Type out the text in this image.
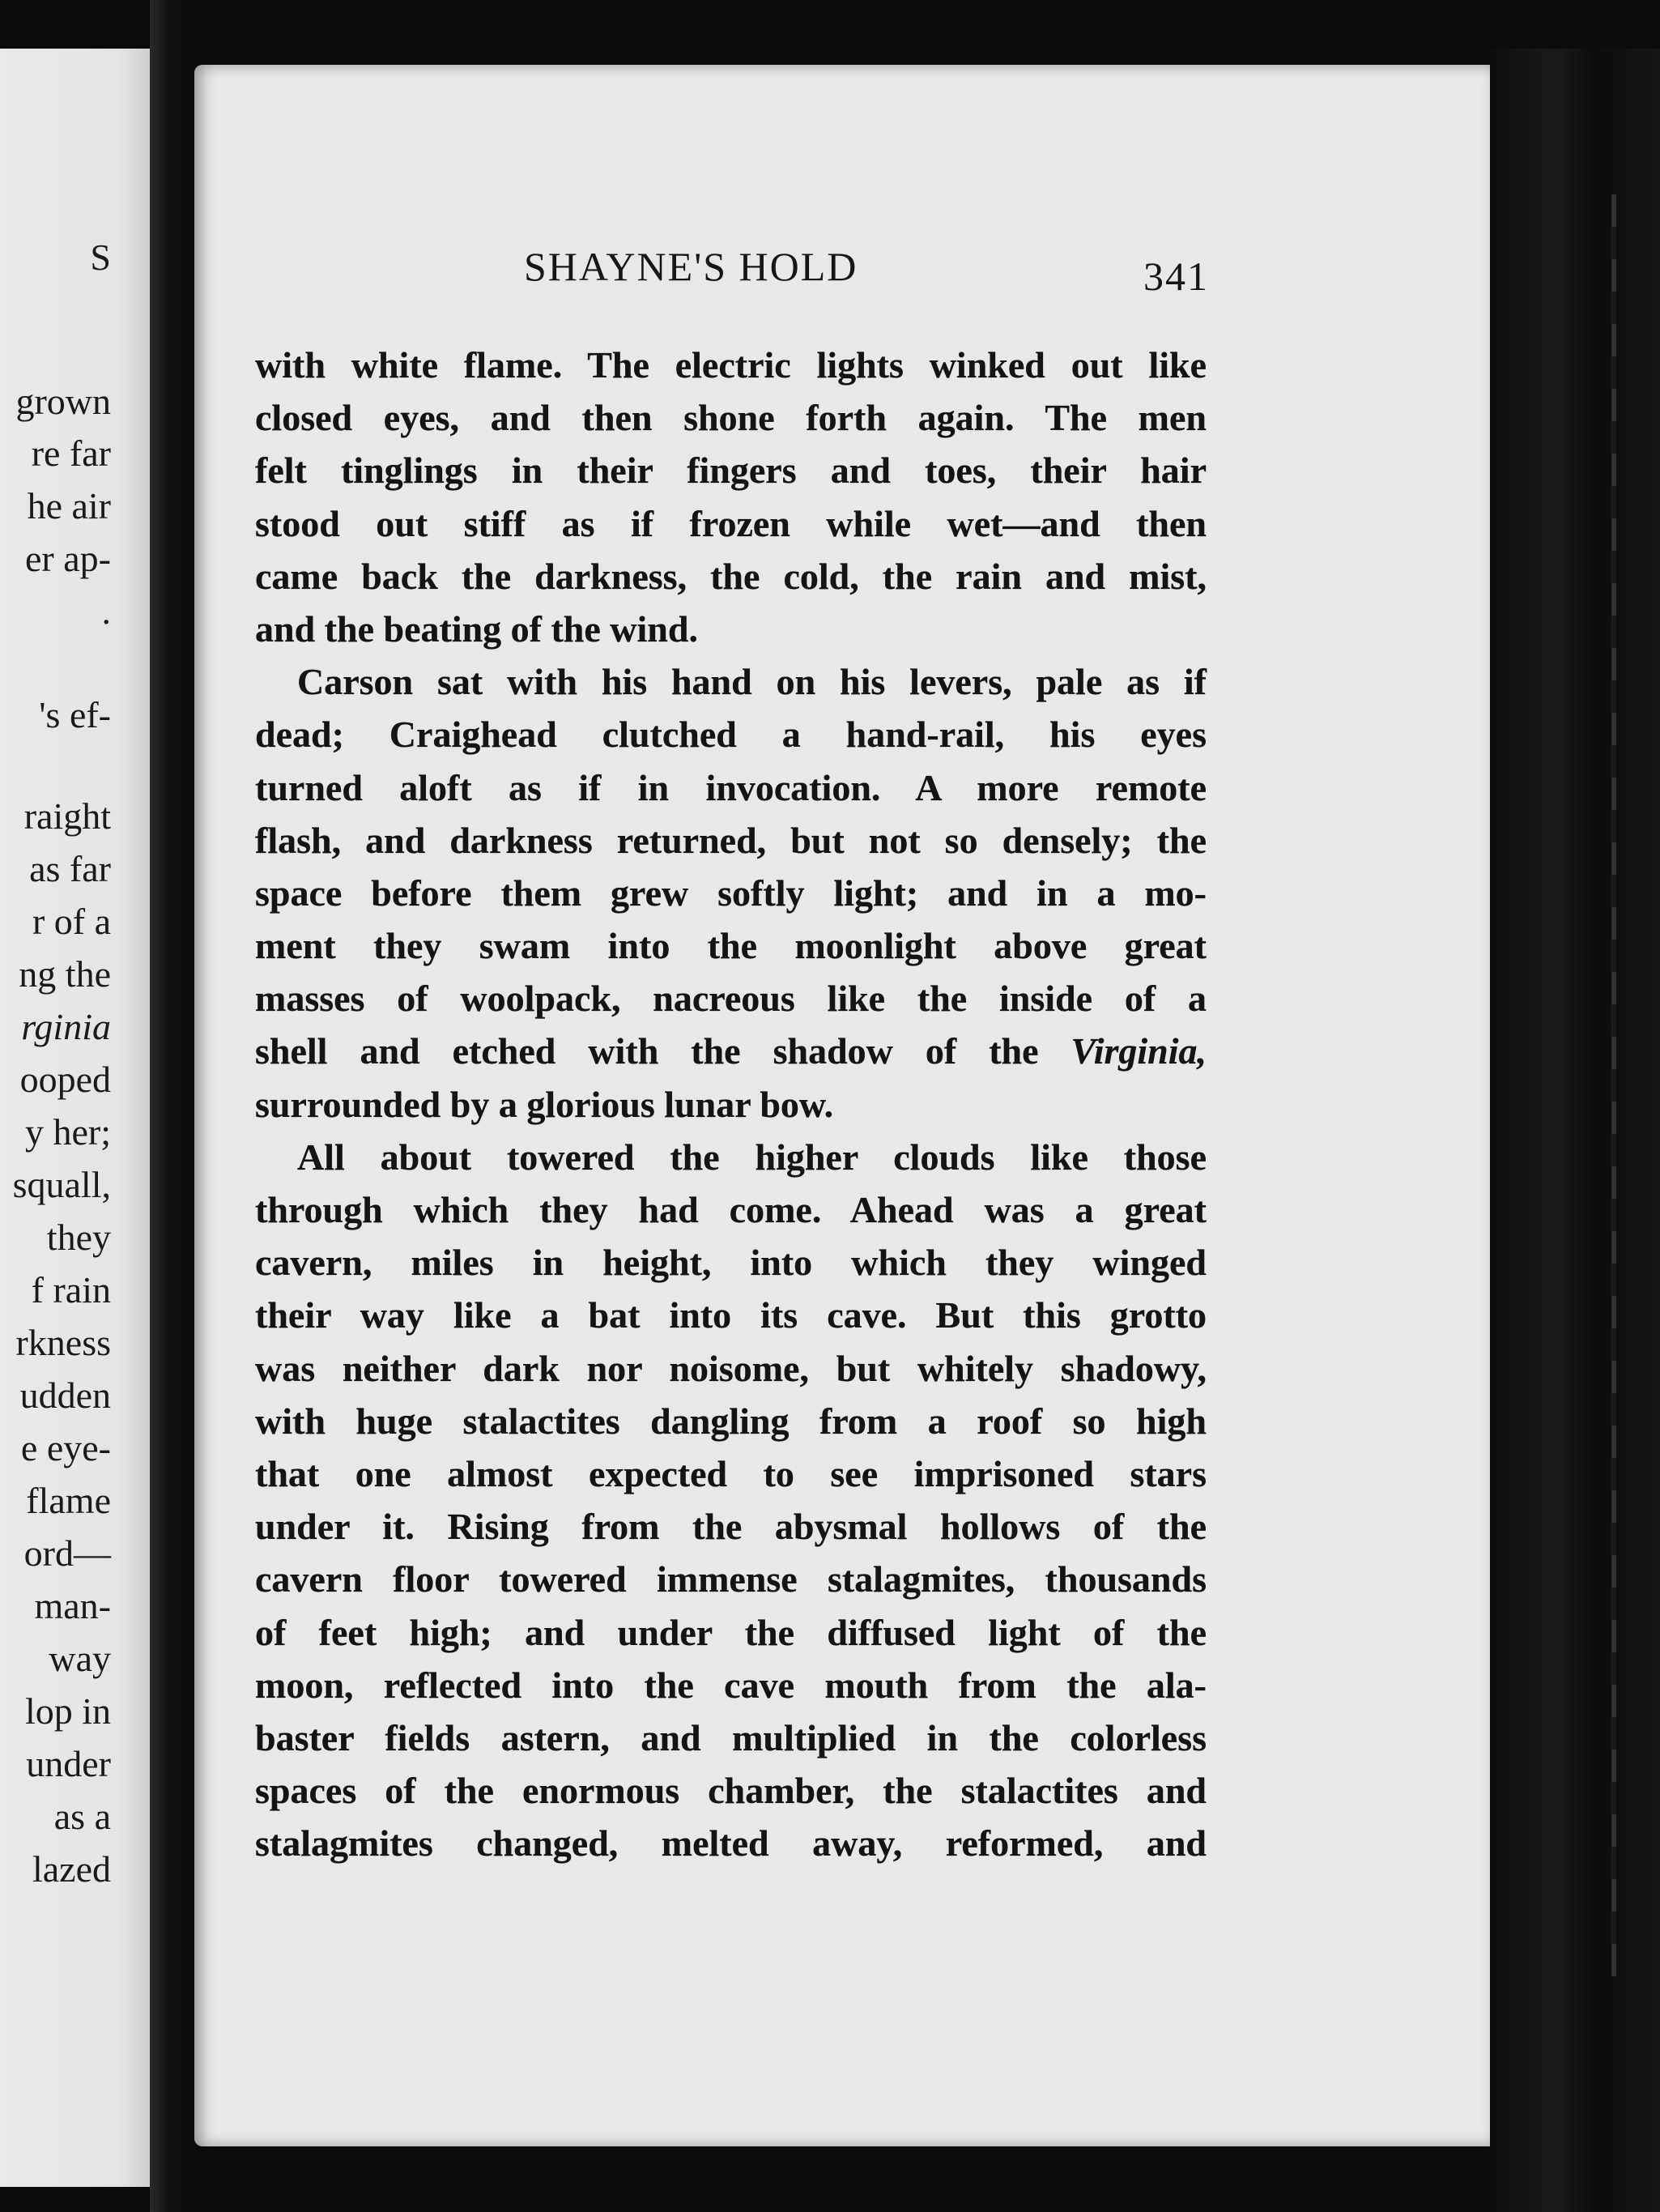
S
grown
re far
he air
er ap-
.
's ef-
raight
as far
r of a
ng the
rginia
ooped
y her;
squall,
they
f rain
rkness
udden
e eye-
flame
ord—
man-
way
lop in
under
as a
lazed
SHAYNE'S HOLD	341
with white flame. The electric lights winked out like
closed eyes, and then shone forth again. The men
felt tinglings in their fingers and toes, their hair
stood out stiff as if frozen while wet—and then
came back the darkness, the cold, the rain and mist,
and the beating of the wind.
Carson sat with his hand on his levers, pale as if
dead; Craighead clutched a hand-rail, his eyes
turned aloft as if in invocation. A more remote
flash, and darkness returned, but not so densely; the
space before them grew softly light; and in a mo-
ment they swam into the moonlight above great
masses of woolpack, nacreous like the inside of a
shell and etched with the shadow of the Virginia,
surrounded by a glorious lunar bow.
All about towered the higher clouds like those
through which they had come. Ahead was a great
cavern, miles in height, into which they winged
their way like a bat into its cave. But this grotto
was neither dark nor noisome, but whitely shadowy,
with huge stalactites dangling from a roof so high
that one almost expected to see imprisoned stars
under it. Rising from the abysmal hollows of the
cavern floor towered immense stalagmites, thousands
of feet high; and under the diffused light of the
moon, reflected into the cave mouth from the ala-
baster fields astern, and multiplied in the colorless
spaces of the enormous chamber, the stalactites and
stalagmites changed, melted away, reformed, and
